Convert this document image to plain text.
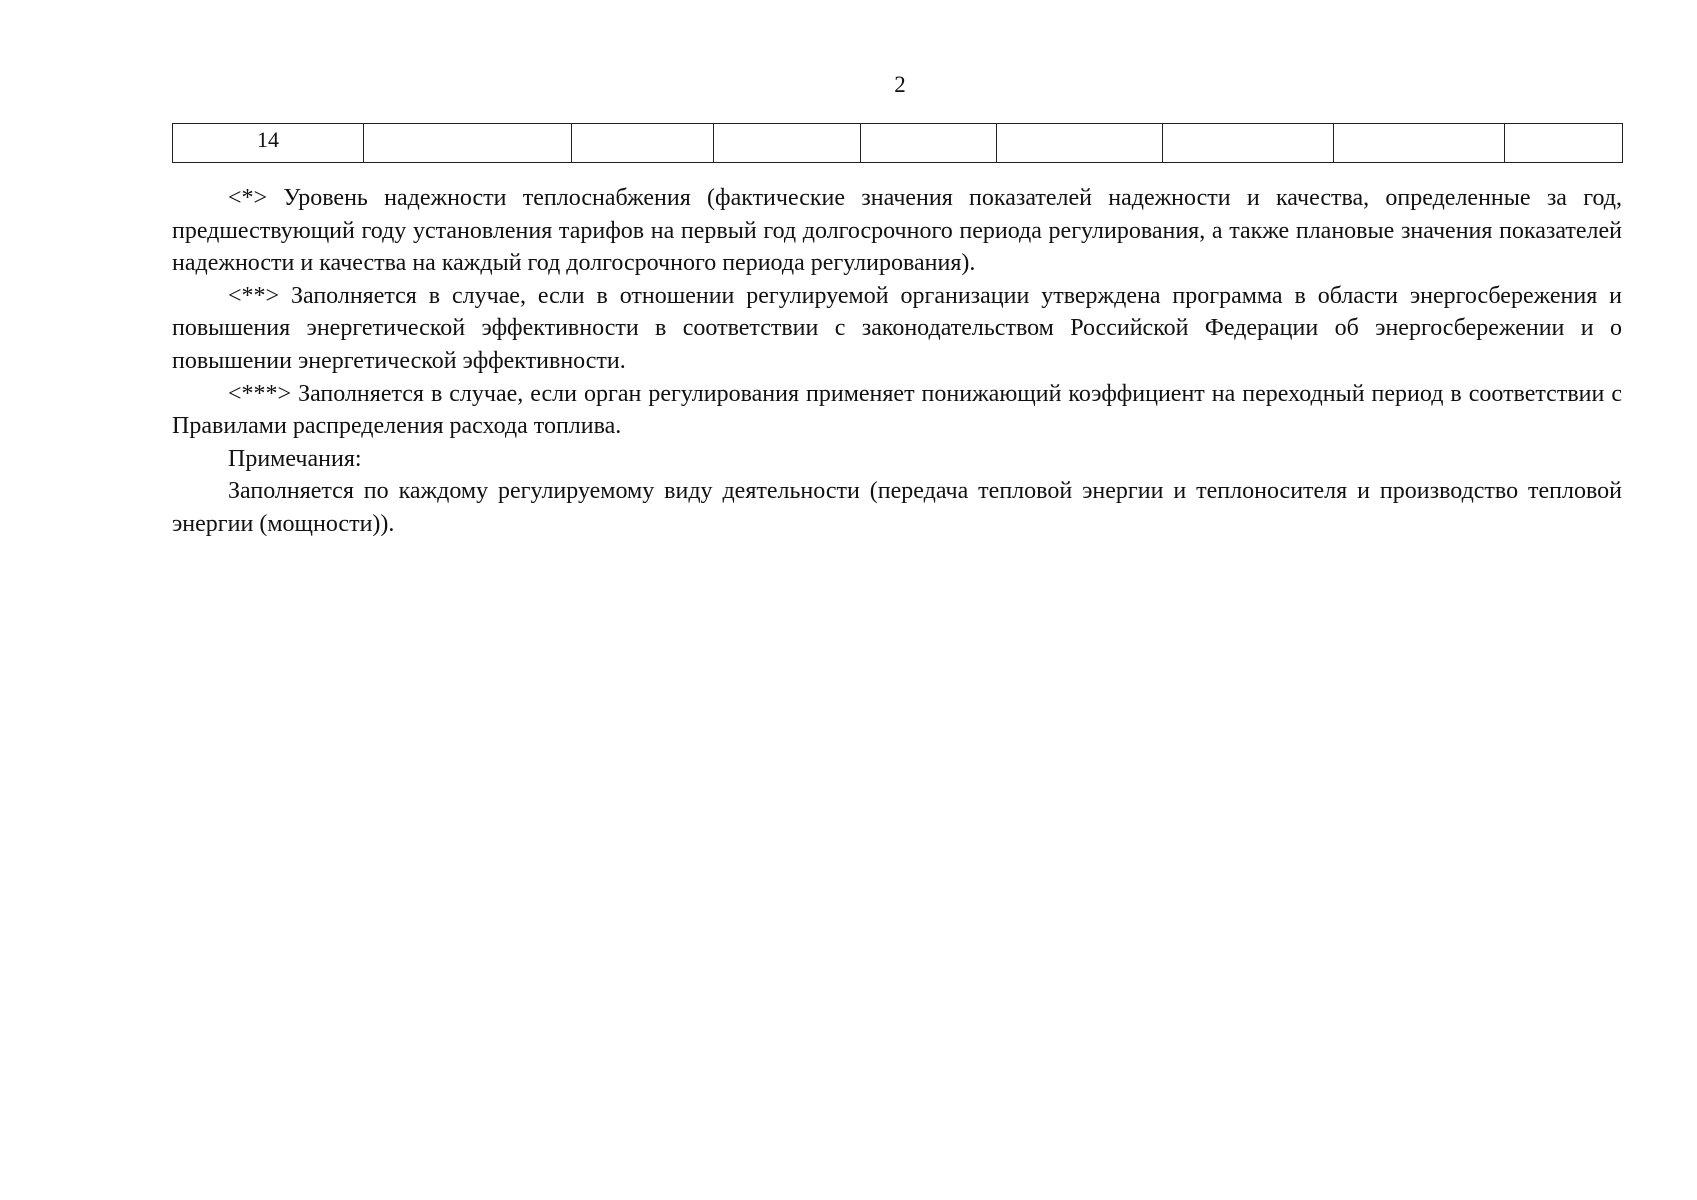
2
14								

<*> Уровень надежности теплоснабжения (фактические значения показателей надежности и качества, определенные за год, предшествующий году установления тарифов на первый год долгосрочного периода регулирования, а также плановые значения показателей надежности и качества на каждый год долгосрочного периода регулирования).

<**> Заполняется в случае, если в отношении регулируемой организации утверждена программа в области энергосбережения и повышения энергетической эффективности в соответствии с законодательством Российской Федерации об энергосбережении и о повышении энергетической эффективности.

<***> Заполняется в случае, если орган регулирования применяет понижающий коэффициент на переходный период в соответствии с Правилами распределения расхода топлива.

Примечания:

Заполняется по каждому регулируемому виду деятельности (передача тепловой энергии и теплоносителя и производство тепловой энергии (мощности)).
